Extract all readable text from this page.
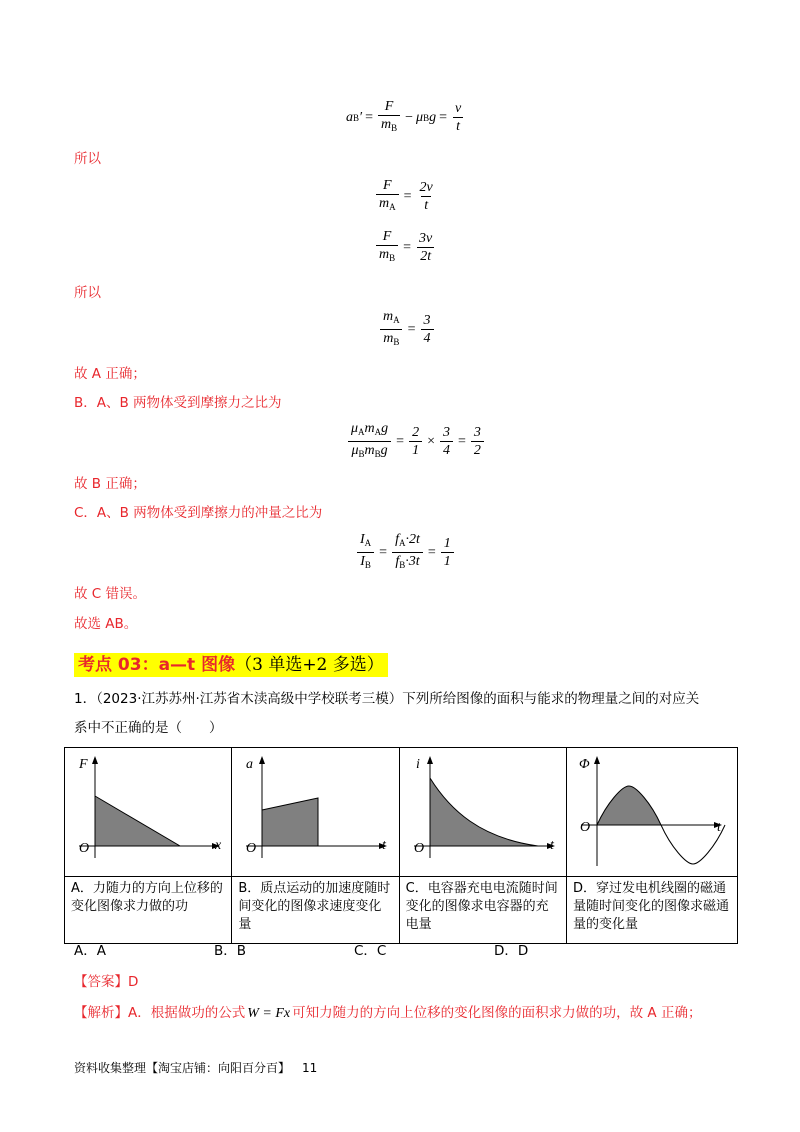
a B ′ = $\frac{F}{m_B} - \mu$ B $g = \frac{v}{t}$
所以
$\frac{F}{m_A} = \frac{2v}{t}$
$\frac{F}{m_B} = \frac{3v}{2t}$
所以
$\frac{m_A}{m_B} = \frac{3}{4}$
故 A 正确；
B．A、B 两物体受到摩擦力之比为
$\frac{\mu_Am_Ag}{\mu_Bm_Bg} = \frac{2}{1} \times \frac{3}{4} = \frac{3}{2}$
故 B 正确；
C．A、B 两物体受到摩擦力的冲量之比为
$\frac{I_A}{I_B} = \frac{f_A\cdot 2t}{f_B\cdot 3t} = \frac{1}{1}$
故 C 错误。
故选 AB。
考点 03：a—t 图像（3 单选+2 多选）
1．（2023·江苏苏州·江苏省木渎高级中学校联考三模）下列所给图像的面积与能求的物理量之间的对应关
系中不正确的是（　　）
F
x
O	a
t
O	i
t
O	Φ
t
O

A．力随力的方向上位移的变化图像求力做的功	B．质点运动的加速度随时间变化的图像求速度变化量	C．电容器充电电流随时间变化的图像求电容器的充电量	D．穿过发电机线圈的磁通量随时间变化的图像求磁通量的变化量
A．A	B．B	C．C	D．D
【答案】D
【解析】A．根据做功的公式 W = Fx 可知力随力的方向上位移的变化图像的面积求力做的功，故 A 正确；
资料收集整理【淘宝店铺：向阳百分百】 11
